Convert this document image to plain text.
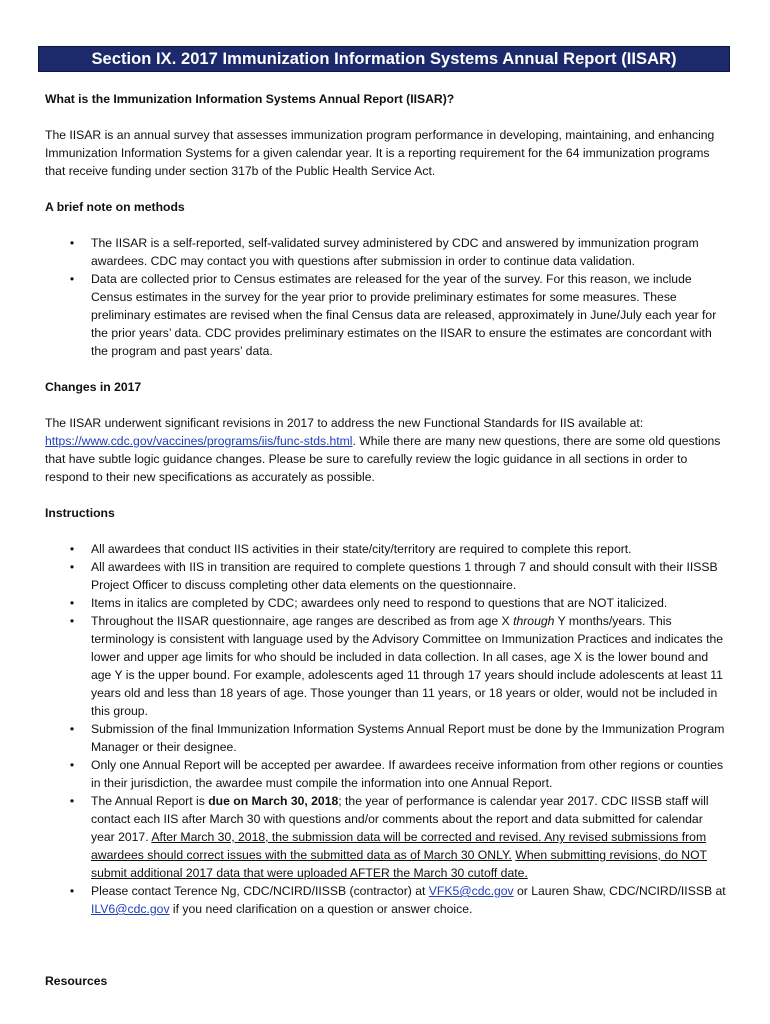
Section IX. 2017 Immunization Information Systems Annual Report (IISAR)
What is the Immunization Information Systems Annual Report (IISAR)?

The IISAR is an annual survey that assesses immunization program performance in developing, maintaining, and enhancing Immunization Information Systems for a given calendar year. It is a reporting requirement for the 64 immunization programs that receive funding under section 317b of the Public Health Service Act.

A brief note on methods
• The IISAR is a self-reported, self-validated survey administered by CDC and answered by immunization program awardees. CDC may contact you with questions after submission in order to continue data validation.
• Data are collected prior to Census estimates are released for the year of the survey. For this reason, we include Census estimates in the survey for the year prior to provide preliminary estimates for some measures. These preliminary estimates are revised when the final Census data are released, approximately in June/July each year for the prior years’ data. CDC provides preliminary estimates on the IISAR to ensure the estimates are concordant with the program and past years’ data.
Changes in 2017

The IISAR underwent significant revisions in 2017 to address the new Functional Standards for IIS available at: https://www.cdc.gov/vaccines/programs/iis/func-stds.html. While there are many new questions, there are some old questions that have subtle logic guidance changes. Please be sure to carefully review the logic guidance in all sections in order to respond to their new specifications as accurately as possible.

Instructions
• All awardees that conduct IIS activities in their state/city/territory are required to complete this report.
• All awardees with IIS in transition are required to complete questions 1 through 7 and should consult with their IISSB Project Officer to discuss completing other data elements on the questionnaire.
• Items in italics are completed by CDC; awardees only need to respond to questions that are NOT italicized.
• Throughout the IISAR questionnaire, age ranges are described as from age X through Y months/years. This terminology is consistent with language used by the Advisory Committee on Immunization Practices and indicates the lower and upper age limits for who should be included in data collection. In all cases, age X is the lower bound and age Y is the upper bound. For example, adolescents aged 11 through 17 years should include adolescents at least 11 years old and less than 18 years of age. Those younger than 11 years, or 18 years or older, would not be included in this group.
• Submission of the final Immunization Information Systems Annual Report must be done by the Immunization Program Manager or their designee.
• Only one Annual Report will be accepted per awardee. If awardees receive information from other regions or counties in their jurisdiction, the awardee must compile the information into one Annual Report.
• The Annual Report is due on March 30, 2018; the year of performance is calendar year 2017. CDC IISSB staff will contact each IIS after March 30 with questions and/or comments about the report and data submitted for calendar year 2017. After March 30, 2018, the submission data will be corrected and revised. Any revised submissions from awardees should correct issues with the submitted data as of March 30 ONLY. When submitting revisions, do NOT submit additional 2017 data that were uploaded AFTER the March 30 cutoff date.
• Please contact Terence Ng, CDC/NCIRD/IISSB (contractor) at VFK5@cdc.gov or Lauren Shaw, CDC/NCIRD/IISSB at ILV6@cdc.gov if you need clarification on a question or answer choice.
Resources
